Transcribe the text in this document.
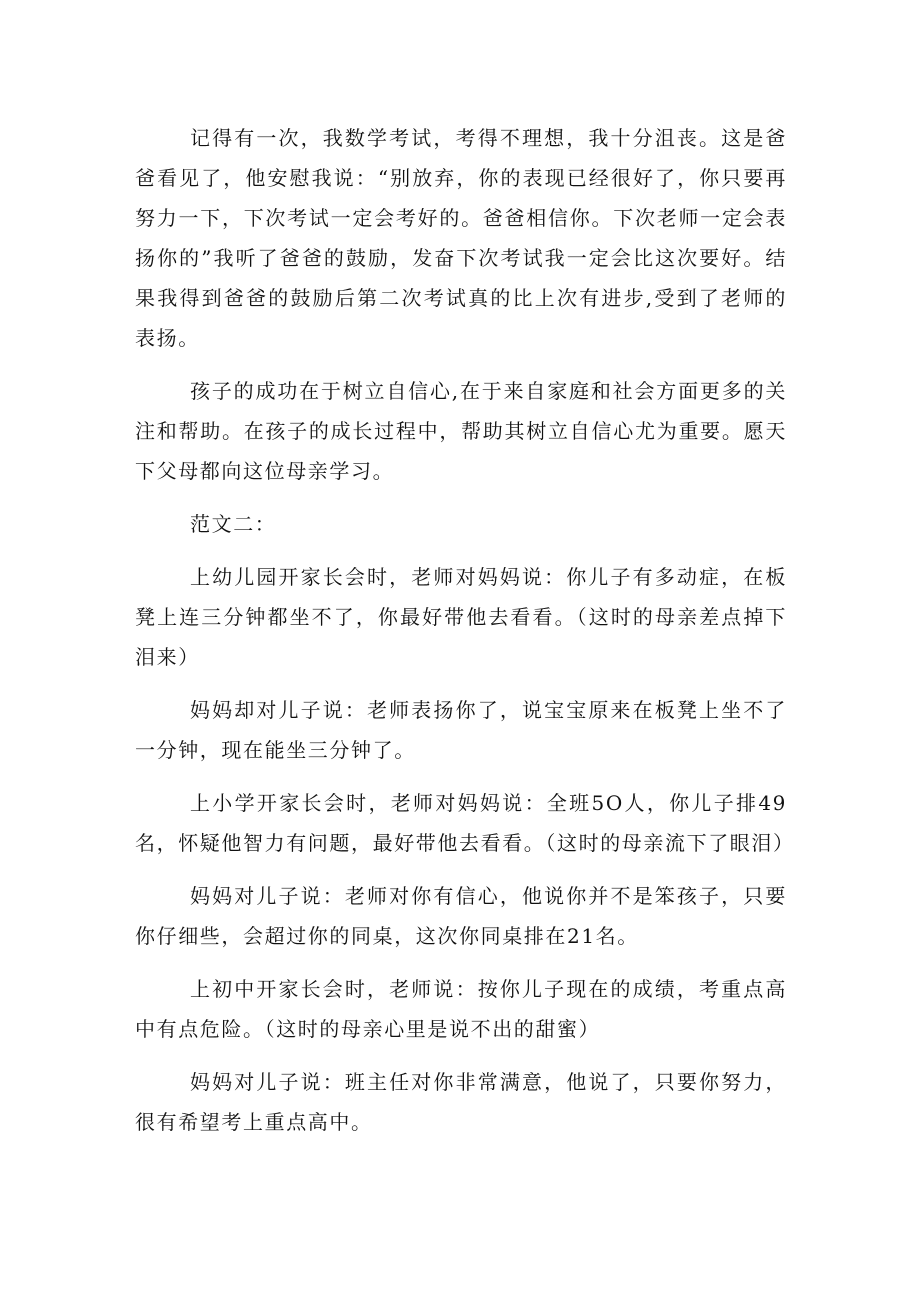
记得有一次，我数学考试，考得不理想，我十分沮丧。这是爸爸看见了，他安慰我说：“别放弃，你的表现已经很好了，你只要再努力一下，下次考试一定会考好的。爸爸相信你。下次老师一定会表扬你的”我听了爸爸的鼓励，发奋下次考试我一定会比这次要好。结果我得到爸爸的鼓励后第二次考试真的比上次有进步,受到了老师的表扬。

孩子的成功在于树立自信心,在于来自家庭和社会方面更多的关注和帮助。在孩子的成长过程中，帮助其树立自信心尤为重要。愿天下父母都向这位母亲学习。

范文二：

上幼儿园开家长会时，老师对妈妈说：你儿子有多动症，在板凳上连三分钟都坐不了，你最好带他去看看。（这时的母亲差点掉下泪来）

妈妈却对儿子说：老师表扬你了，说宝宝原来在板凳上坐不了一分钟，现在能坐三分钟了。

上小学开家长会时，老师对妈妈说：全班5O人，你儿子排49名，怀疑他智力有问题，最好带他去看看。（这时的母亲流下了眼泪）

妈妈对儿子说：老师对你有信心，他说你并不是笨孩子，只要你仔细些，会超过你的同桌，这次你同桌排在21名。

上初中开家长会时，老师说：按你儿子现在的成绩，考重点高中有点危险。（这时的母亲心里是说不出的甜蜜）

妈妈对儿子说：班主任对你非常满意，他说了，只要你努力，很有希望考上重点高中。
